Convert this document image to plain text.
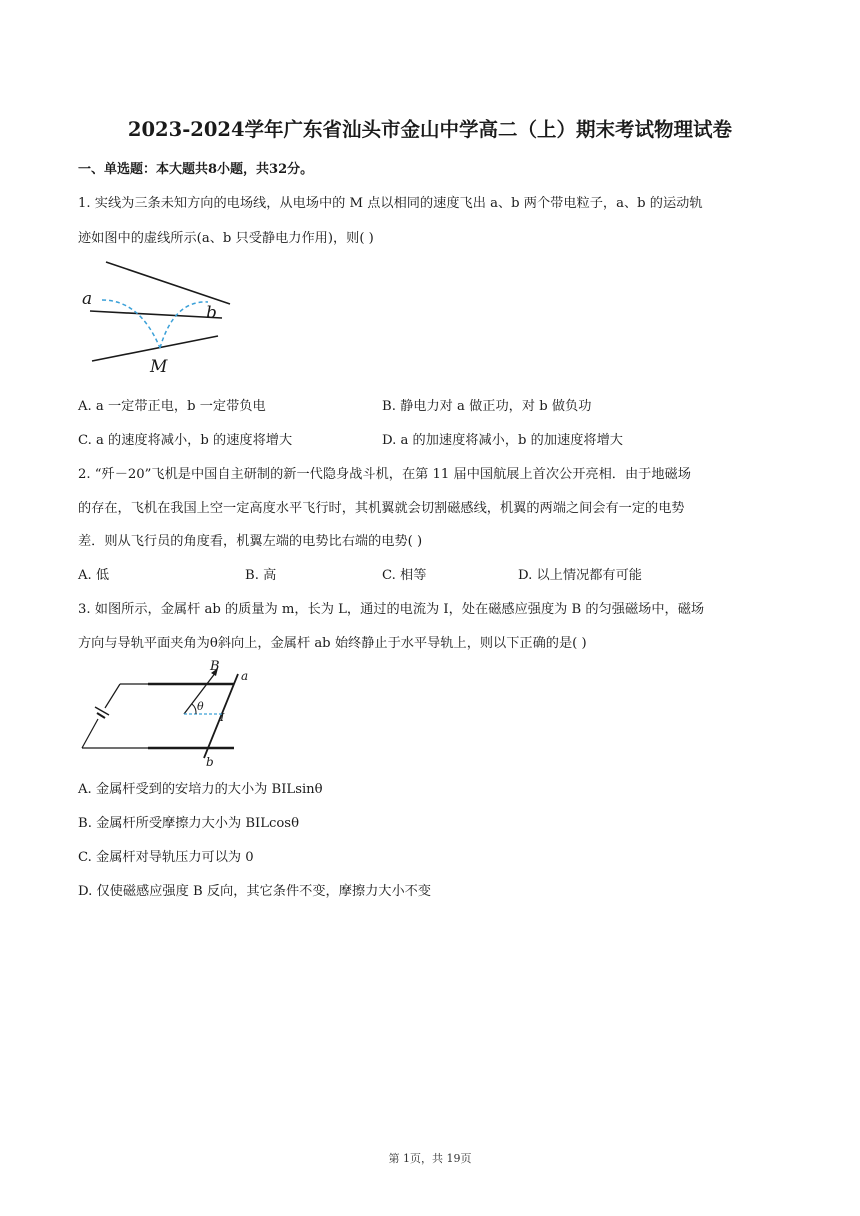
2023-2024学年广东省汕头市金山中学高二（上）期末考试物理试卷
一、单选题：本大题共8小题，共32分。
1. 实线为三条未知方向的电场线，从电场中的 M 点以相同的速度飞出 a、b 两个带电粒子，a、b 的运动轨
迹如图中的虚线所示(a、b 只受静电力作用)，则( )
a
b
M
A. a 一定带正电，b 一定带负电	B. 静电力对 a 做正功，对 b 做负功
C. a 的速度将减小，b 的速度将增大	D. a 的加速度将减小，b 的加速度将增大
2. “歼－20”飞机是中国自主研制的新一代隐身战斗机，在第 11 届中国航展上首次公开亮相．由于地磁场
的存在，飞机在我国上空一定高度水平飞行时，其机翼就会切割磁感线，机翼的两端之间会有一定的电势
差．则从飞行员的角度看，机翼左端的电势比右端的电势( )
A. 低	B. 高	C. 相等	D. 以上情况都有可能
3. 如图所示，金属杆 ab 的质量为 m，长为 L，通过的电流为 I，处在磁感应强度为 B 的匀强磁场中，磁场
方向与导轨平面夹角为θ斜向上，金属杆 ab 始终静止于水平导轨上，则以下正确的是( )
B
a
b
θ
I
A. 金属杆受到的安培力的大小为 BILsinθ
B. 金属杆所受摩擦力大小为 BILcosθ
C. 金属杆对导轨压力可以为 0
D. 仅使磁感应强度 B 反向，其它条件不变，摩擦力大小不变
第 1页，共 19页
